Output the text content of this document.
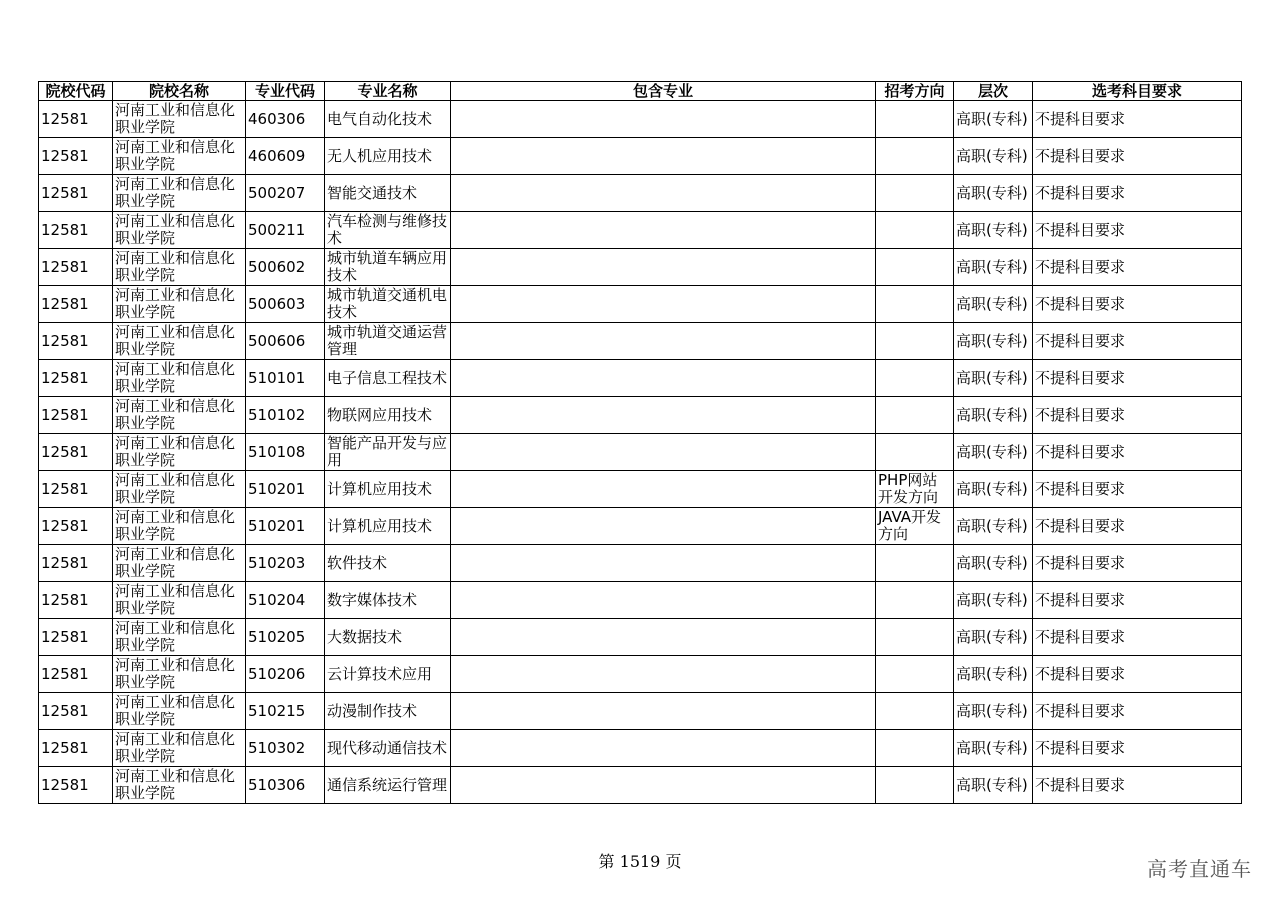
院校代码	院校名称	专业代码	专业名称	包含专业	招考方向	层次	选考科目要求
12581	河南工业和信息化职业学院	460306	电气自动化技术			高职(专科)	不提科目要求
12581	河南工业和信息化职业学院	460609	无人机应用技术			高职(专科)	不提科目要求
12581	河南工业和信息化职业学院	500207	智能交通技术			高职(专科)	不提科目要求
12581	河南工业和信息化职业学院	500211	汽车检测与维修技术			高职(专科)	不提科目要求
12581	河南工业和信息化职业学院	500602	城市轨道车辆应用技术			高职(专科)	不提科目要求
12581	河南工业和信息化职业学院	500603	城市轨道交通机电技术			高职(专科)	不提科目要求
12581	河南工业和信息化职业学院	500606	城市轨道交通运营管理			高职(专科)	不提科目要求
12581	河南工业和信息化职业学院	510101	电子信息工程技术			高职(专科)	不提科目要求
12581	河南工业和信息化职业学院	510102	物联网应用技术			高职(专科)	不提科目要求
12581	河南工业和信息化职业学院	510108	智能产品开发与应用			高职(专科)	不提科目要求
12581	河南工业和信息化职业学院	510201	计算机应用技术		PHP网站开发方向	高职(专科)	不提科目要求
12581	河南工业和信息化职业学院	510201	计算机应用技术		JAVA开发方向	高职(专科)	不提科目要求
12581	河南工业和信息化职业学院	510203	软件技术			高职(专科)	不提科目要求
12581	河南工业和信息化职业学院	510204	数字媒体技术			高职(专科)	不提科目要求
12581	河南工业和信息化职业学院	510205	大数据技术			高职(专科)	不提科目要求
12581	河南工业和信息化职业学院	510206	云计算技术应用			高职(专科)	不提科目要求
12581	河南工业和信息化职业学院	510215	动漫制作技术			高职(专科)	不提科目要求
12581	河南工业和信息化职业学院	510302	现代移动通信技术			高职(专科)	不提科目要求
12581	河南工业和信息化职业学院	510306	通信系统运行管理			高职(专科)	不提科目要求
第 1519 页	高考直通车
